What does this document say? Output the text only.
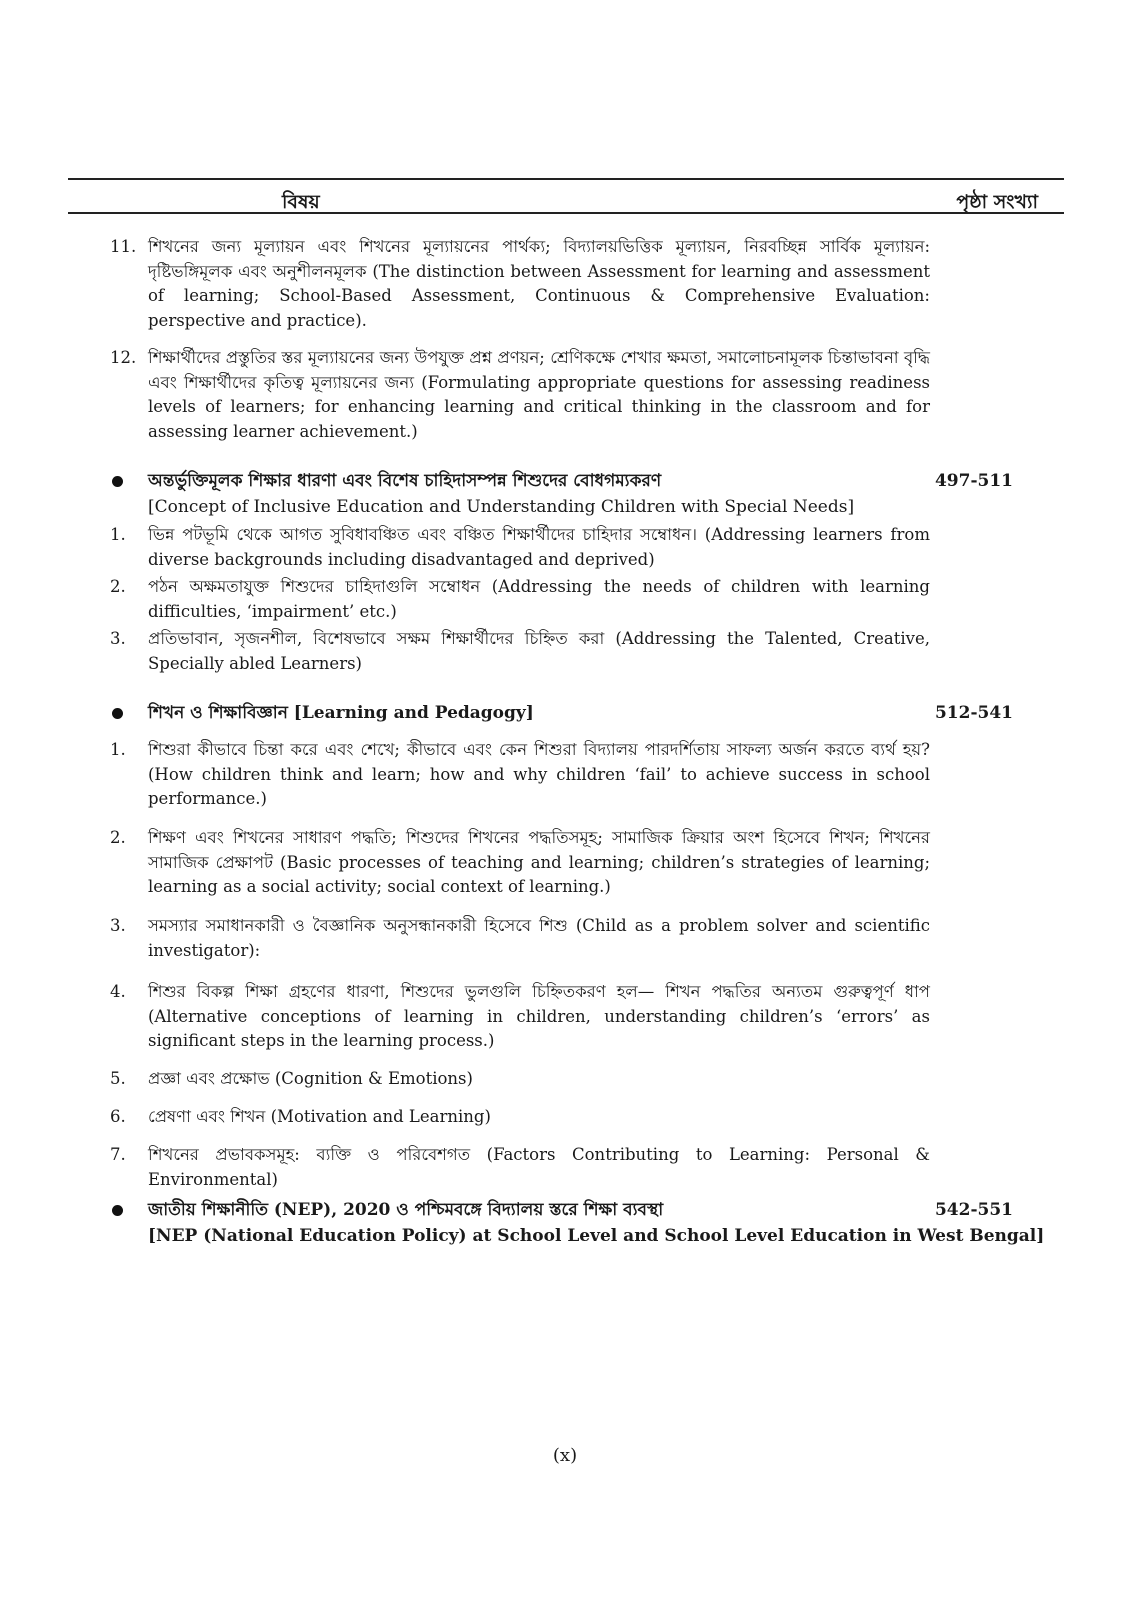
বিষয়	পৃষ্ঠা সংখ্যা
11. শিখনের জন্য মূল্যায়ন এবং শিখনের মূল্যায়নের পার্থক্য; বিদ্যালয়ভিত্তিক মূল্যায়ন, নিরবচ্ছিন্ন সার্বিক মূল্যায়ন: দৃষ্টিভঙ্গিমূলক এবং অনুশীলনমূলক (The distinction between Assessment for learning and assessment of learning; School-Based Assessment, Continuous & Comprehensive Evaluation: perspective and practice).
12. শিক্ষার্থীদের প্রস্তুতির স্তর মূল্যায়নের জন্য উপযুক্ত প্রশ্ন প্রণয়ন; শ্রেণিকক্ষে শেখার ক্ষমতা, সমালোচনামূলক চিন্তাভাবনা বৃদ্ধি এবং শিক্ষার্থীদের কৃতিত্ব মূল্যায়নের জন্য (Formulating appropriate questions for assessing readiness levels of learners; for enhancing learning and critical thinking in the classroom and for assessing learner achievement.)
অন্তর্ভুক্তিমূলক শিক্ষার ধারণা এবং বিশেষ চাহিদাসম্পন্ন শিশুদের বোধগম্যকরণ	497-511
[Concept of Inclusive Education and Understanding Children with Special Needs]
1.	ভিন্ন পটভূমি থেকে আগত সুবিধাবঞ্চিত এবং বঞ্চিত শিক্ষার্থীদের চাহিদার সম্বোধন। (Addressing learners from diverse backgrounds including disadvantaged and deprived)
2.	পঠন অক্ষমতাযুক্ত শিশুদের চাহিদাগুলি সম্বোধন (Addressing the needs of children with learning difficulties, ‘impairment’ etc.)
3.	প্রতিভাবান, সৃজনশীল, বিশেষভাবে সক্ষম শিক্ষার্থীদের চিহ্নিত করা (Addressing the Talented, Creative, Specially abled Learners)
শিখন ও শিক্ষাবিজ্ঞান [Learning and Pedagogy]	512-541
1.	শিশুরা কীভাবে চিন্তা করে এবং শেখে; কীভাবে এবং কেন শিশুরা বিদ্যালয় পারদর্শিতায় সাফল্য অর্জন করতে ব্যর্থ হয়? (How children think and learn; how and why children ‘fail’ to achieve success in school performance.)
2.	শিক্ষণ এবং শিখনের সাধারণ পদ্ধতি; শিশুদের শিখনের পদ্ধতিসমূহ; সামাজিক ক্রিয়ার অংশ হিসেবে শিখন; শিখনের সামাজিক প্রেক্ষাপট (Basic processes of teaching and learning; children’s strategies of learning; learning as a social activity; social context of learning.)
3.	সমস্যার সমাধানকারী ও বৈজ্ঞানিক অনুসন্ধানকারী হিসেবে শিশু (Child as a problem solver and scientific investigator):
4.	শিশুর বিকল্প শিক্ষা গ্রহণের ধারণা, শিশুদের ভুলগুলি চিহ্নিতকরণ হল— শিখন পদ্ধতির অন্যতম গুরুত্বপূর্ণ ধাপ (Alternative conceptions of learning in children, understanding children’s ‘errors’ as significant steps in the learning process.)
5.	প্রজ্ঞা এবং প্রক্ষোভ (Cognition & Emotions)
6.	প্রেষণা এবং শিখন (Motivation and Learning)
7.	শিখনের প্রভাবকসমূহ: ব্যক্তি ও পরিবেশগত (Factors Contributing to Learning: Personal & Environmental)
জাতীয় শিক্ষানীতি (NEP), 2020 ও পশ্চিমবঙ্গে বিদ্যালয় স্তরে শিক্ষা ব্যবস্থা	542-551
[NEP (National Education Policy) at School Level and School Level Education in West Bengal]
(x)
